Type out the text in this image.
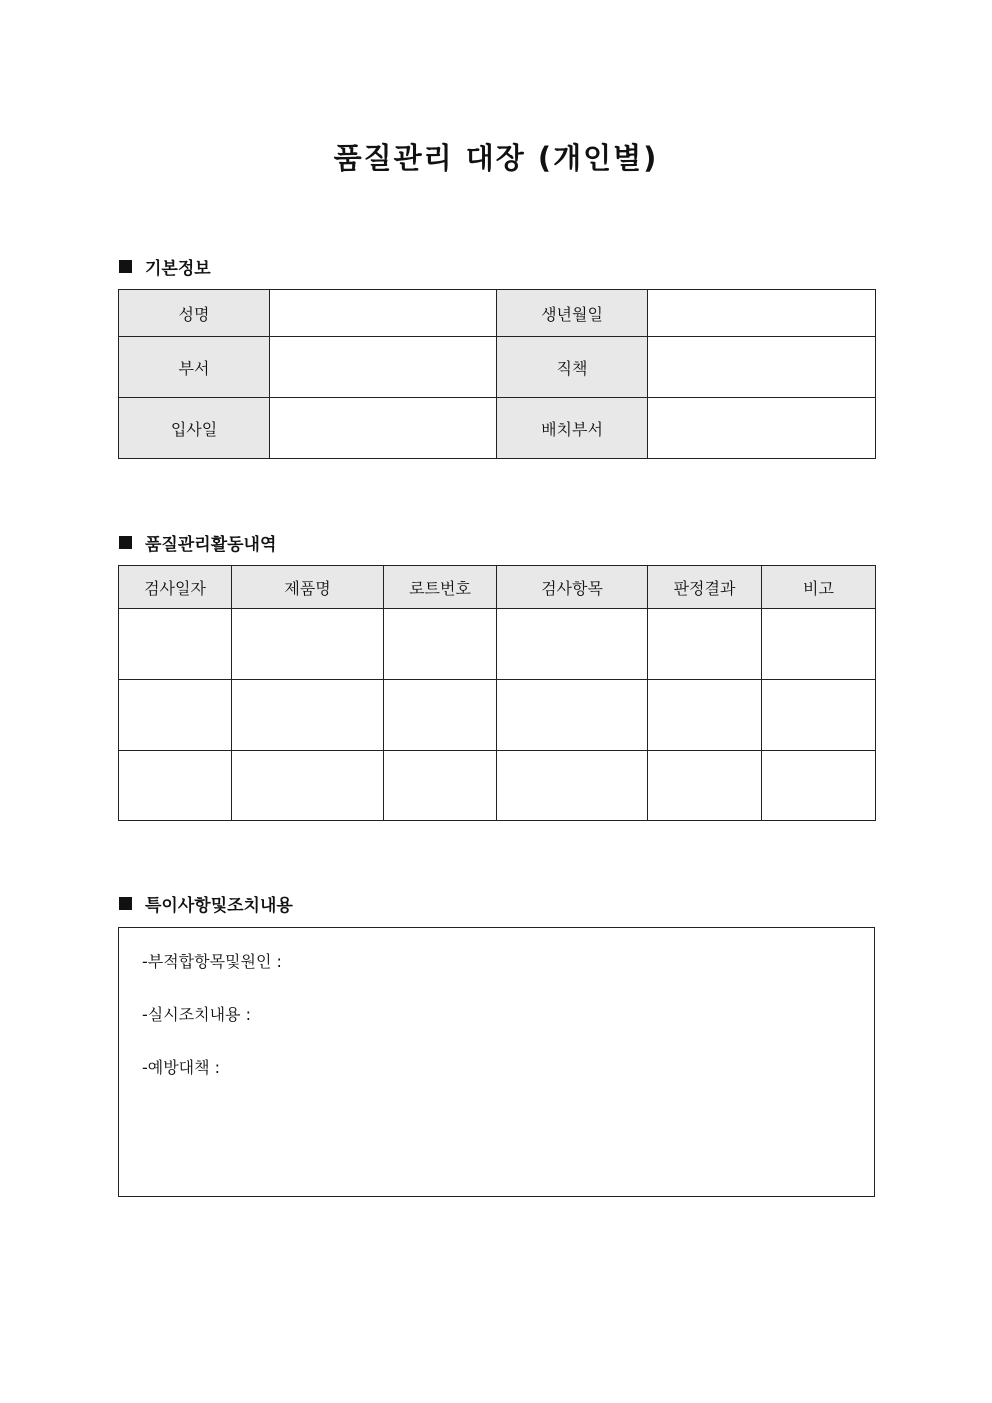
품질관리 대장 (개인별)
기본정보
성명		생년월일	
부서		직책	
입사일		배치부서	
품질관리활동내역
검사일자	제품명	로트번호	검사항목	판정결과	비고

특이사항및조치내용
-부적합항목및원인 :
-실시조치내용 :
-예방대책 :
